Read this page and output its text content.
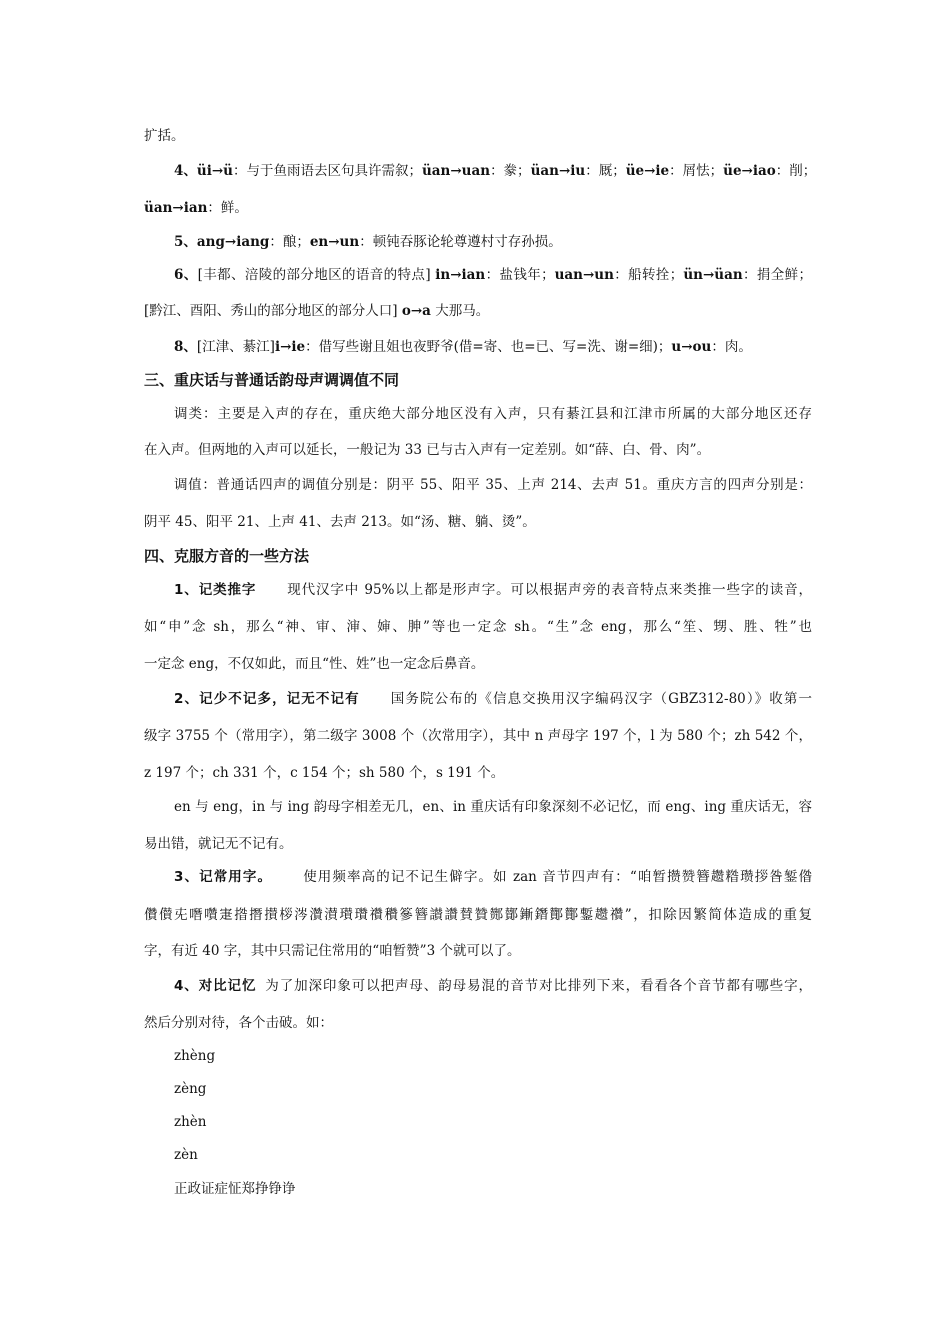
扩括。
4、üi→ü：与于鱼雨语去区句具许需叙；üan→uan：豢；üan→iu：厩；üe→ie：屑怯；üe→iao：削；
üan→ian：鲜。
5、ang→iang：酿；en→un：顿钝吞豚论轮尊遵村寸存孙损。
6、[丰都、涪陵的部分地区的语音的特点] in→ian：盐钱年；uan→un：船转拴；ün→üan：捐全鲜；
[黔江、酉阳、秀山的部分地区的部分人口] o→a 大那马。
8、[江津、綦江]i→ie：借写些谢且姐也夜野爷(借=寄、也=已、写=洗、谢=细)；u→ou：肉。
三、重庆话与普通话韵母声调调值不同
调类：主要是入声的存在，重庆绝大部分地区没有入声，只有綦江县和江津市所属的大部分地区还存
在入声。但两地的入声可以延长，一般记为 33 已与古入声有一定差别。如“薛、白、骨、肉”。
调值：普通话四声的调值分别是：阴平 55、阳平 35、上声 214、去声 51。重庆方言的四声分别是：
阴平 45、阳平 21、上声 41、去声 213。如“汤、糖、躺、烫”。
四、克服方音的一些方法
1、记类推字 现代汉字中 95%以上都是形声字。可以根据声旁的表音特点来类推一些字的读音，
如“申”念 sh，那么“神、审、渖、婶、胂”等也一定念 sh。“生”念 eng，那么“笙、甥、胜、牲”也
一定念 eng，不仅如此，而且“性、姓”也一定念后鼻音。
2、记少不记多，记无不记有 国务院公布的《信息交换用汉字编码汉字（GBZ312-80）》收第一
级字 3755 个（常用字），第二级字 3008 个（次常用字），其中 n 声母字 197 个，l 为 580 个；zh 542 个，
z 197 个；ch 331 个，c 154 个；sh 580 个，s 191 个。
en 与 eng，in 与 ing 韵母字相差无几，en、in 重庆话有印象深刻不必记忆，而 eng、ing 重庆话无，容
易出错，就记无不记有。
3、记常用字。 使用频率高的记不记生僻字。如 zan 音节四声有：“咱暂攒赞簪趱糌瓒拶昝錾偺
儹儧兂噆囋寁揝撍攅桚涔灒濽瓉瓚禶穳篸簪讃讚賛贊酂鄼鏩鐕酇酇鏨趱禶”，扣除因繁简体造成的重复
字，有近 40 字，其中只需记住常用的“咱暂赞”3 个就可以了。
4、对比记忆 为了加深印象可以把声母、韵母易混的音节对比排列下来，看看各个音节都有哪些字，
然后分别对待，各个击破。如：
zhèng
zèng
zhèn
zèn
正政证症怔郑挣铮诤
